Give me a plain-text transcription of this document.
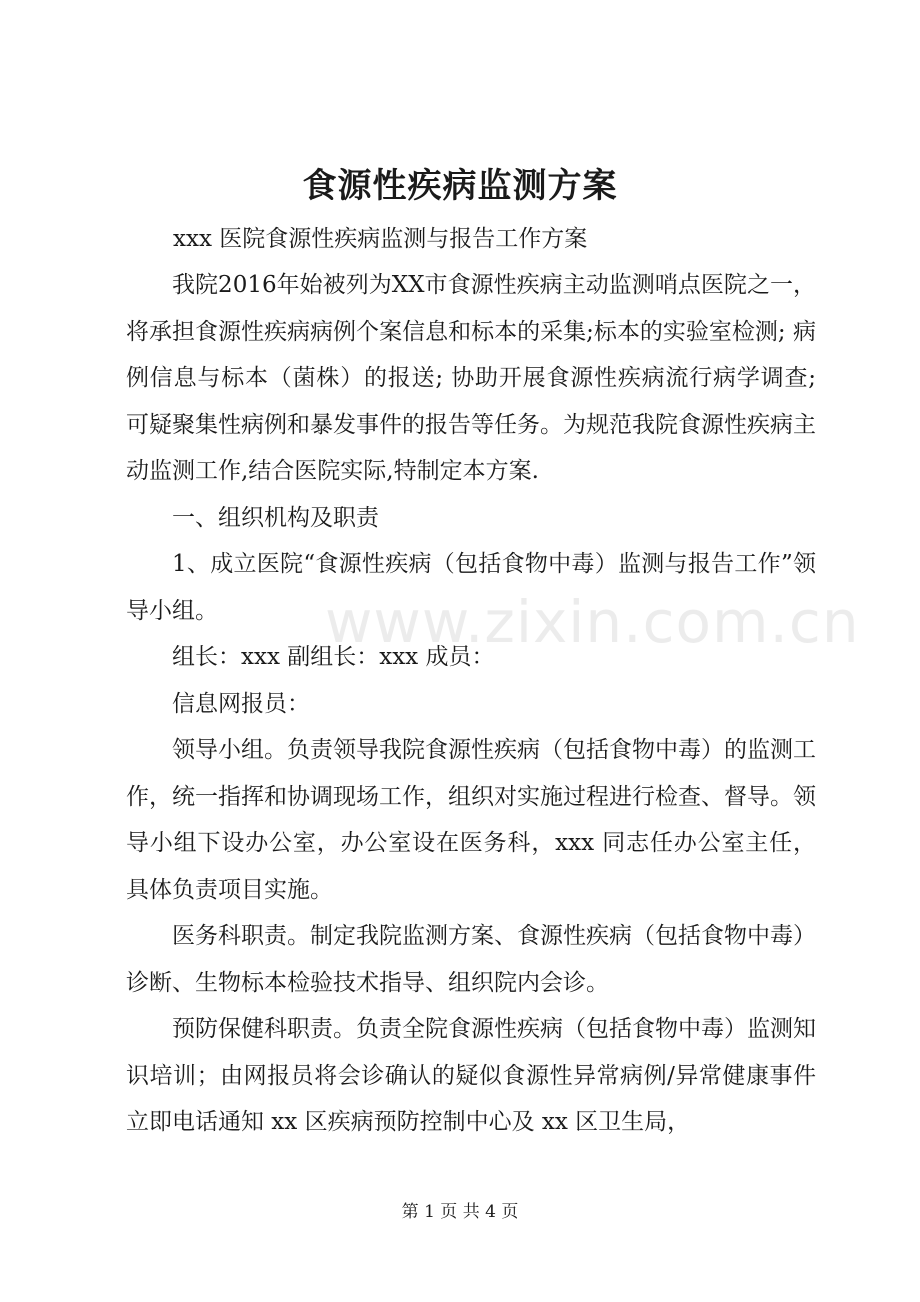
食源性疾病监测方案
xxx 医院食源性疾病监测与报告工作方案

我院2016年始被列为XX市食源性疾病主动监测哨点医院之一，将承担食源性疾病病例个案信息和标本的采集;标本的实验室检测; 病例信息与标本（菌株）的报送; 协助开展食源性疾病流行病学调查; 可疑聚集性病例和暴发事件的报告等任务。为规范我院食源性疾病主动监测工作,结合医院实际,特制定本方案.

一、组织机构及职责

1、成立医院“食源性疾病（包括食物中毒）监测与报告工作”领导小组。

组长：xxx 副组长：xxx 成员：

信息网报员：

领导小组。负责领导我院食源性疾病（包括食物中毒）的监测工作，统一指挥和协调现场工作，组织对实施过程进行检查、督导。领导小组下设办公室，办公室设在医务科，xxx 同志任办公室主任，具体负责项目实施。

医务科职责。制定我院监测方案、食源性疾病（包括食物中毒）诊断、生物标本检验技术指导、组织院内会诊。

预防保健科职责。负责全院食源性疾病（包括食物中毒）监测知识培训；由网报员将会诊确认的疑似食源性异常病例/异常健康事件立即电话通知 xx 区疾病预防控制中心及 xx 区卫生局，

www.zixin.com.cn
第 1 页 共 4 页
